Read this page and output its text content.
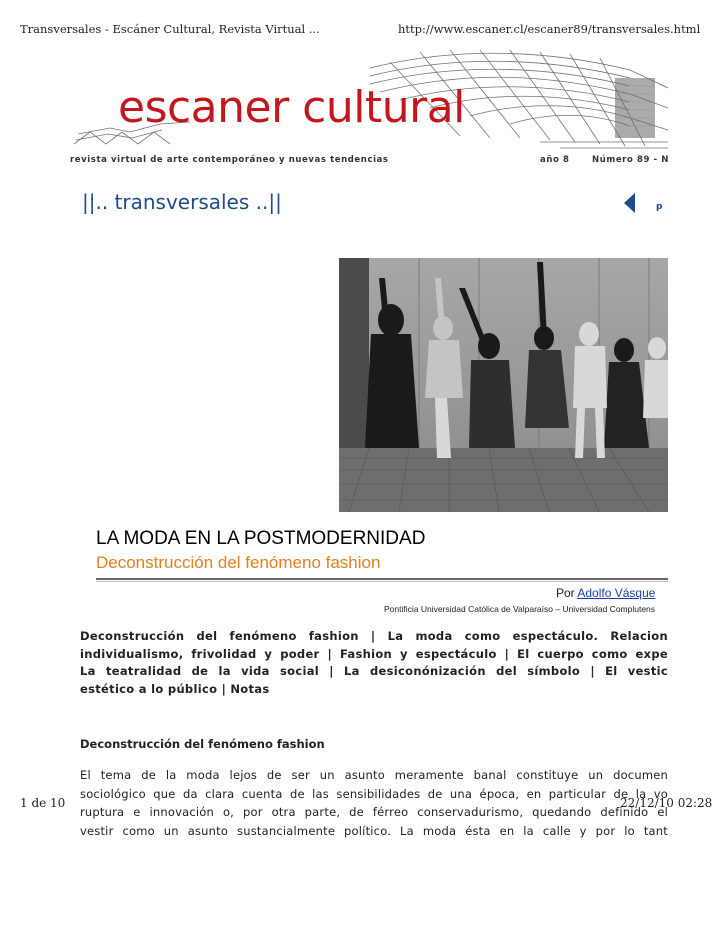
Transversales - Escáner Cultural, Revista Virtual ...	http://www.escaner.cl/escaner89/transversales.html
escaner cultural
revista virtual de arte contemporáneo y nuevas tendencias	año 8	Número 89 - N
||.. transversales ..||	p
LA MODA EN LA POSTMODERNIDAD
Deconstrucción del fenómeno fashion
Por Adolfo Vásque
Pontificia Universidad Católica de Valparaíso – Universidad Complutens
Deconstrucción del fenómeno fashion | La moda como espectáculo. Relacion
individualismo, frivolidad y poder | Fashion y espectáculo | El cuerpo como expe
La teatralidad de la vida social | La desiconónización del símbolo | El vestic
estético a lo público | Notas
Deconstrucción del fenómeno fashion
El tema de la moda lejos de ser un asunto meramente banal constituye un documen
sociológico que da clara cuenta de las sensibilidades de una época, en particular de la vo
ruptura e innovación o, por otra parte, de férreo conservadurismo, quedando definido el
vestir como un asunto sustancialmente político. La moda ésta en la calle y por lo tant
1 de 10	22/12/10 02:28
